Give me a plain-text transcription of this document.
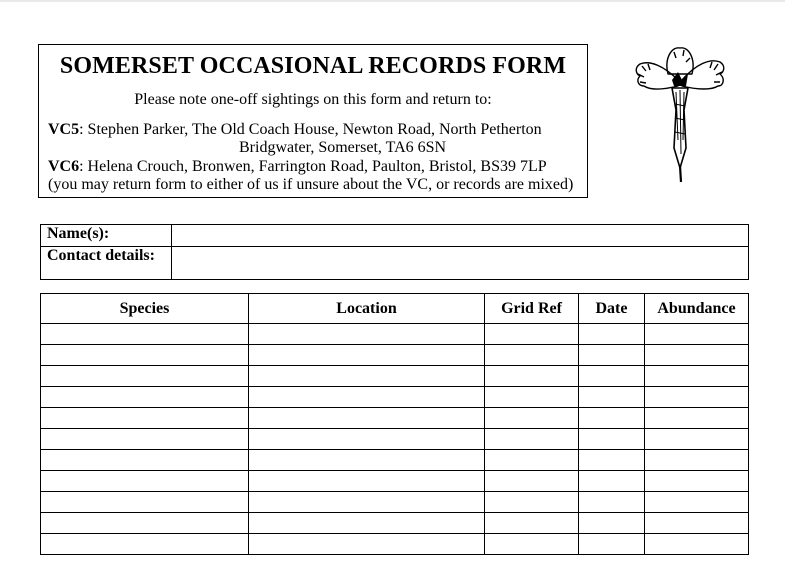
SOMERSET OCCASIONAL RECORDS FORM
Please note one-off sightings on this form and return to:
VC5: Stephen Parker, The Old Coach House, Newton Road, North Petherton
Bridgwater, Somerset, TA6 6SN
VC6: Helena Crouch, Bronwen, Farrington Road, Paulton, Bristol, BS39 7LP
(you may return form to either of us if unsure about the VC, or records are mixed)
Name(s):	
Contact details:	
Species	Location	Grid Ref	Date	Abundance
